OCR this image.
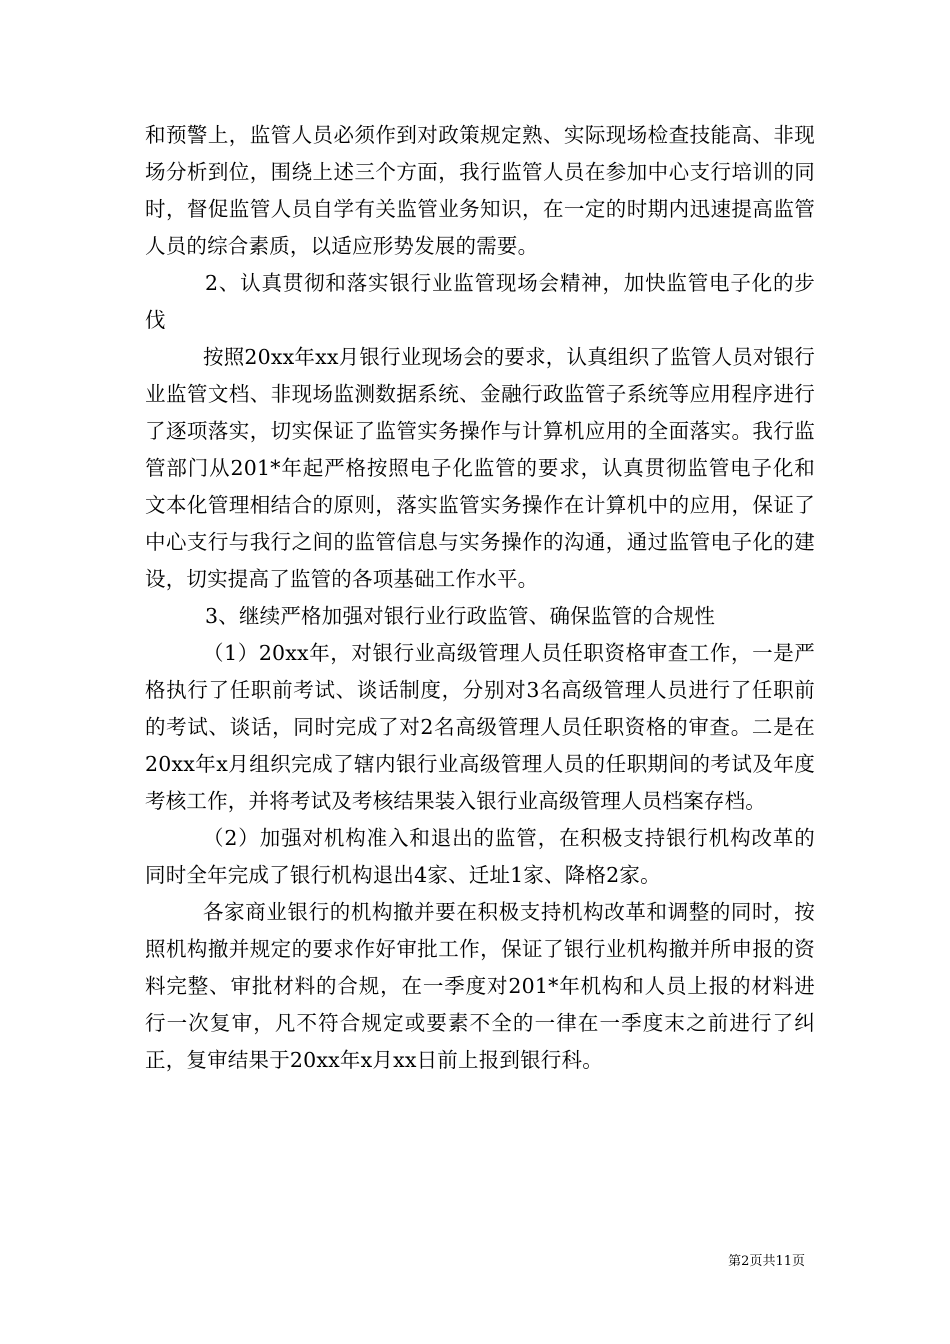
和预警上，监管人员必须作到对政策规定熟、实际现场检查技能高、非现场分析到位，围绕上述三个方面，我行监管人员在参加中心支行培训的同时，督促监管人员自学有关监管业务知识，在一定的时期内迅速提高监管人员的综合素质，以适应形势发展的需要。

2、认真贯彻和落实银行业监管现场会精神，加快监管电子化的步伐

按照20xx年xx月银行业现场会的要求，认真组织了监管人员对银行业监管文档、非现场监测数据系统、金融行政监管子系统等应用程序进行了逐项落实，切实保证了监管实务操作与计算机应用的全面落实。我行监管部门从201*年起严格按照电子化监管的要求，认真贯彻监管电子化和文本化管理相结合的原则，落实监管实务操作在计算机中的应用，保证了中心支行与我行之间的监管信息与实务操作的沟通，通过监管电子化的建设，切实提高了监管的各项基础工作水平。

3、继续严格加强对银行业行政监管、确保监管的合规性

（1）20xx年，对银行业高级管理人员任职资格审查工作，一是严格执行了任职前考试、谈话制度，分别对3名高级管理人员进行了任职前的考试、谈话，同时完成了对2名高级管理人员任职资格的审查。二是在20xx年x月组织完成了辖内银行业高级管理人员的任职期间的考试及年度考核工作，并将考试及考核结果装入银行业高级管理人员档案存档。

（2）加强对机构准入和退出的监管，在积极支持银行机构改革的同时全年完成了银行机构退出4家、迁址1家、降格2家。

各家商业银行的机构撤并要在积极支持机构改革和调整的同时，按照机构撤并规定的要求作好审批工作，保证了银行业机构撤并所申报的资料完整、审批材料的合规，在一季度对201*年机构和人员上报的材料进行一次复审，凡不符合规定或要素不全的一律在一季度末之前进行了纠正，复审结果于20xx年x月xx日前上报到银行科。

第2页共11页
